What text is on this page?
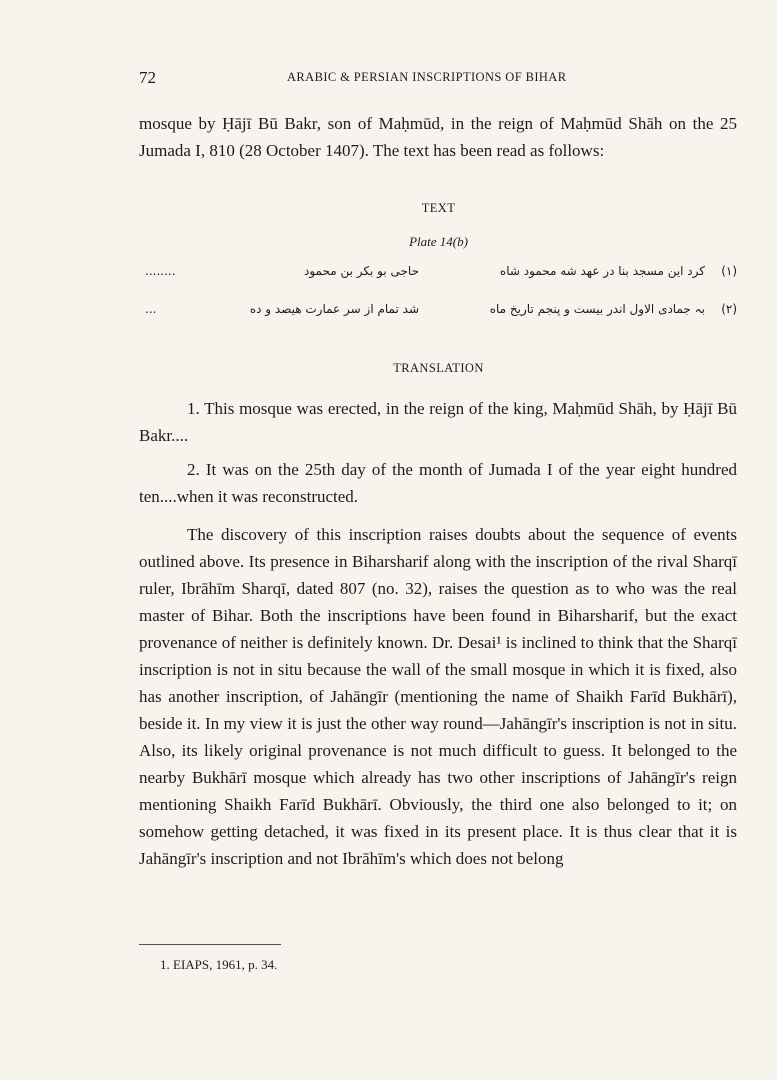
72	ARABIC & PERSIAN INSCRIPTIONS OF BIHAR
mosque by Ḥājī Bū Bakr, son of Maḥmūd, in the reign of Maḥmūd Shāh on the 25 Jumada I, 810 (28 October 1407). The text has been read as follows:
TEXT
Plate 14(b)
(۱)
کرد این مسجد بنا در عهد شه محمود شاه
حاجی بو بکر بن محمود
........
(۲)
بہ جمادی الاول اندر بیست و پنجم تاریخ ماه
شد تمام از سر عمارت هیصد و ده
...
TRANSLATION
1. This mosque was erected, in the reign of the king, Maḥmūd Shāh, by Ḥājī Bū Bakr....
2. It was on the 25th day of the month of Jumada I of the year eight hundred ten....when it was reconstructed.
The discovery of this inscription raises doubts about the sequence of events outlined above. Its presence in Biharsharif along with the inscription of the rival Sharqī ruler, Ibrāhīm Sharqī, dated 807 (no. 32), raises the question as to who was the real master of Bihar. Both the inscriptions have been found in Biharsharif, but the exact provenance of neither is definitely known. Dr. Desai¹ is inclined to think that the Sharqī inscription is not in situ because the wall of the small mosque in which it is fixed, also has another inscription, of Jahāngīr (mentioning the name of Shaikh Farīd Bukhārī), beside it. In my view it is just the other way round—Jahāngīr's inscription is not in situ. Also, its likely original provenance is not much difficult to guess. It belonged to the nearby Bukhārī mosque which already has two other inscriptions of Jahāngīr's reign mentioning Shaikh Farīd Bukhārī. Obviously, the third one also belonged to it; on somehow getting detached, it was fixed in its present place. It is thus clear that it is Jahāngīr's inscription and not Ibrāhīm's which does not belong
1. EIAPS, 1961, p. 34.
